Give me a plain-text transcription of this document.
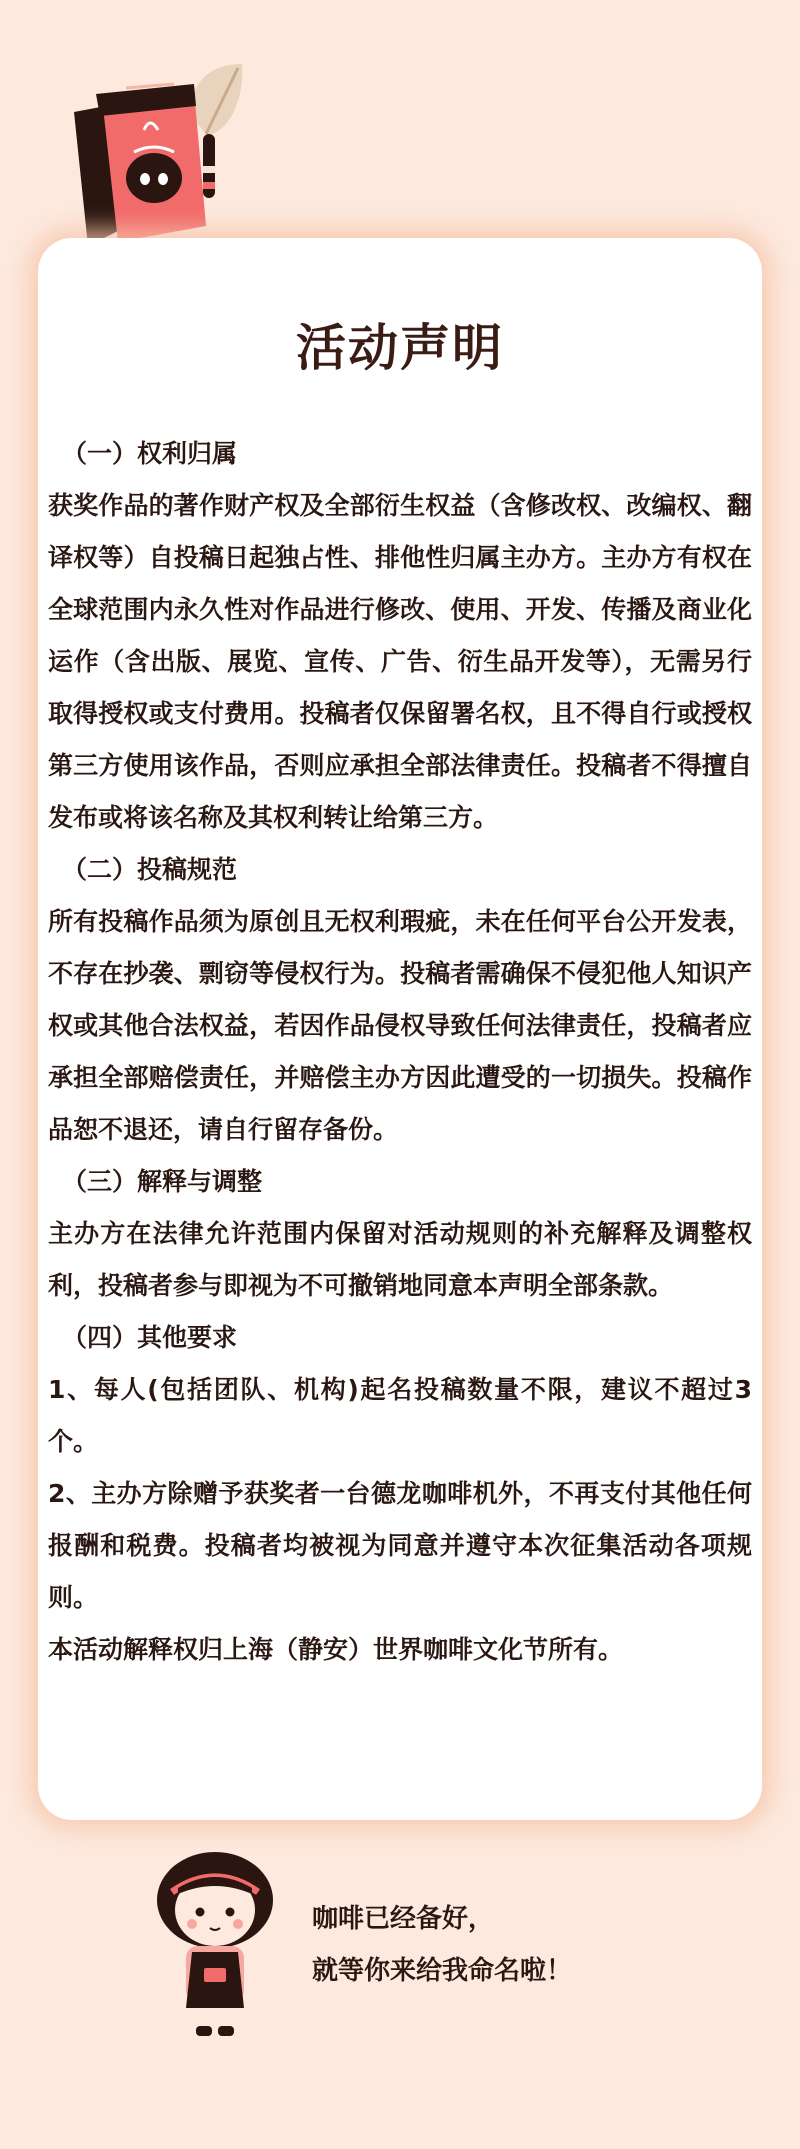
活动声明

（一）权利归属

获奖作品的著作财产权及全部衍生权益（含修改权、改编权、翻译权等）自投稿日起独占性、排他性归属主办方。主办方有权在全球范围内永久性对作品进行修改、使用、开发、传播及商业化运作（含出版、展览、宣传、广告、衍生品开发等），无需另行取得授权或支付费用。投稿者仅保留署名权，且不得自行或授权第三方使用该作品，否则应承担全部法律责任。投稿者不得擅自发布或将该名称及其权利转让给第三方。

（二）投稿规范

所有投稿作品须为原创且无权利瑕疵，未在任何平台公开发表，不存在抄袭、剽窃等侵权行为。投稿者需确保不侵犯他人知识产权或其他合法权益，若因作品侵权导致任何法律责任，投稿者应承担全部赔偿责任，并赔偿主办方因此遭受的一切损失。投稿作品恕不退还，请自行留存备份。

（三）解释与调整

主办方在法律允许范围内保留对活动规则的补充解释及调整权利，投稿者参与即视为不可撤销地同意本声明全部条款。

（四）其他要求

1、每人(包括团队、机构)起名投稿数量不限，建议不超过3个。

2、主办方除赠予获奖者一台德龙咖啡机外，不再支付其他任何报酬和税费。投稿者均被视为同意并遵守本次征集活动各项规则。

本活动解释权归上海（静安）世界咖啡文化节所有。

咖啡已经备好，
就等你来给我命名啦！
